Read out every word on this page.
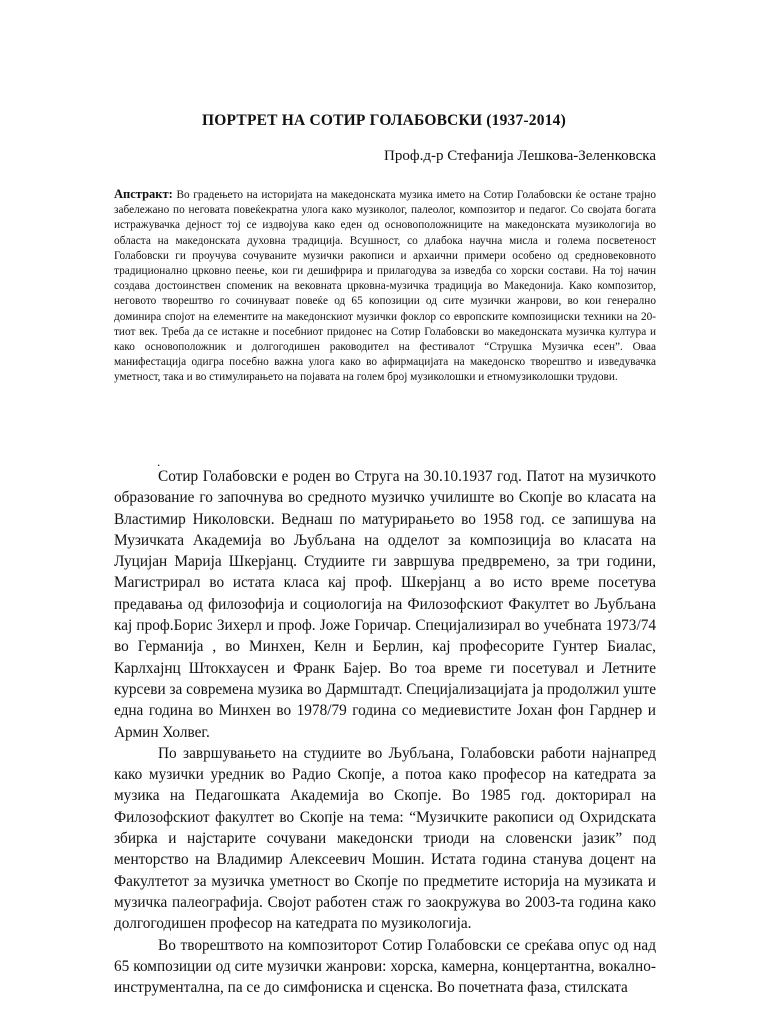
ПОРТРЕТ НА СОТИР ГОЛАБОВСКИ (1937-2014)
Проф.д-р Стефанија Лешкова-Зеленковска
Апстракт: Во градењето на историјата на македонската музика името на Сотир Голабовски ќе остане трајно забележано по неговата повеќекратна улога како музиколог, палеолог, композитор и педагог. Со својата богата истражувачка дејност тој се издвојува како еден од основоположниците на македонската музикологија во областа на македонската духовна традиција. Всушност, со длабока научна мисла и голема посветеност Голабовски ги проучува сочуваните музички ракописи и архаични примери особено од средновековното традиционално црковно пеење, кои ги дешифрира и прилагодува за изведба со хорски состави. На тој начин создава достоинствен споменик на вековната црковна-музичка традиција во Македонија. Како композитор, неговото творештво го сочинуваат повеќе од 65 копозиции од сите музички жанрови, во кои генерално доминира спојот на елементите на македонскиот музички фоклор со европските композициски техники на 20-тиот век. Треба да се истакне и посебниот придонес на Сотир Голабовски во македонската музичка култура и како основоположник и долгогодишен раководител на фестивалот “Струшка Музичка есен”. Оваа манифестација одигра посебно важна улога како во афирмацијата на македонско творештво и изведувачка уметност, така и во стимулирањето на појавата на голем број музиколошки и етномузиколошки трудови.
.

Сотир Голабовски е роден во Струга на 30.10.1937 год. Патот на музичкото образование го започнува во средното музичко училиште во Скопје во класата на Властимир Николовски. Веднаш по матурирањето во 1958 год. се запишува на Музичката Академија во Љубљана на одделот за композиција во класата на Луцијан Марија Шкерјанц. Студиите ги завршува предвремено, за три години, Магистрирал во истата класа кај проф. Шкерјанц а во исто време посетува предавања од филозофија и социологија на Филозофскиот Факултет во Љубљана кај проф.Борис Зихерл и проф. Јоже Горичар. Специјализирал во учебната 1973/74 во Германија , во Минхен, Келн и Берлин, кај професорите Гунтер Биалас, Карлхајнц Штокхаусен и Франк Бајер. Во тоа време ги посетувал и Летните курсеви за современа музика во Дармштадт. Специјализацијата ја продолжил уште една година во Минхен во 1978/79 година со медиевистите Јохан фон Гарднер и Армин Холвег.

По завршувањето на студиите во Љубљана, Голабовски работи најнапред како музички уредник во Радио Скопје, а потоа како професор на катедрата за музика на Педагошката Академија во Скопје. Во 1985 год. докторирал на Филозофскиот факултет во Скопје на тема: “Музичките ракописи од Охридската збирка и најстарите сочувани македонски триоди на словенски јазик” под менторство на Владимир Алексеевич Мошин. Истата година станува доцент на Факултетот за музичка уметност во Скопје по предметите историја на музиката и музичка палеографија. Својот работен стаж го заокружува во 2003-та година како долгогодишен професор на катедрата по музикологија.

Во творештвото на композиторот Сотир Голабовски се среќава опус од над 65 композиции од сите музички жанрови: хорска, камерна, концертантна, вокално-инструментална, па се до симфониска и сценска. Во почетната фаза, стилската
